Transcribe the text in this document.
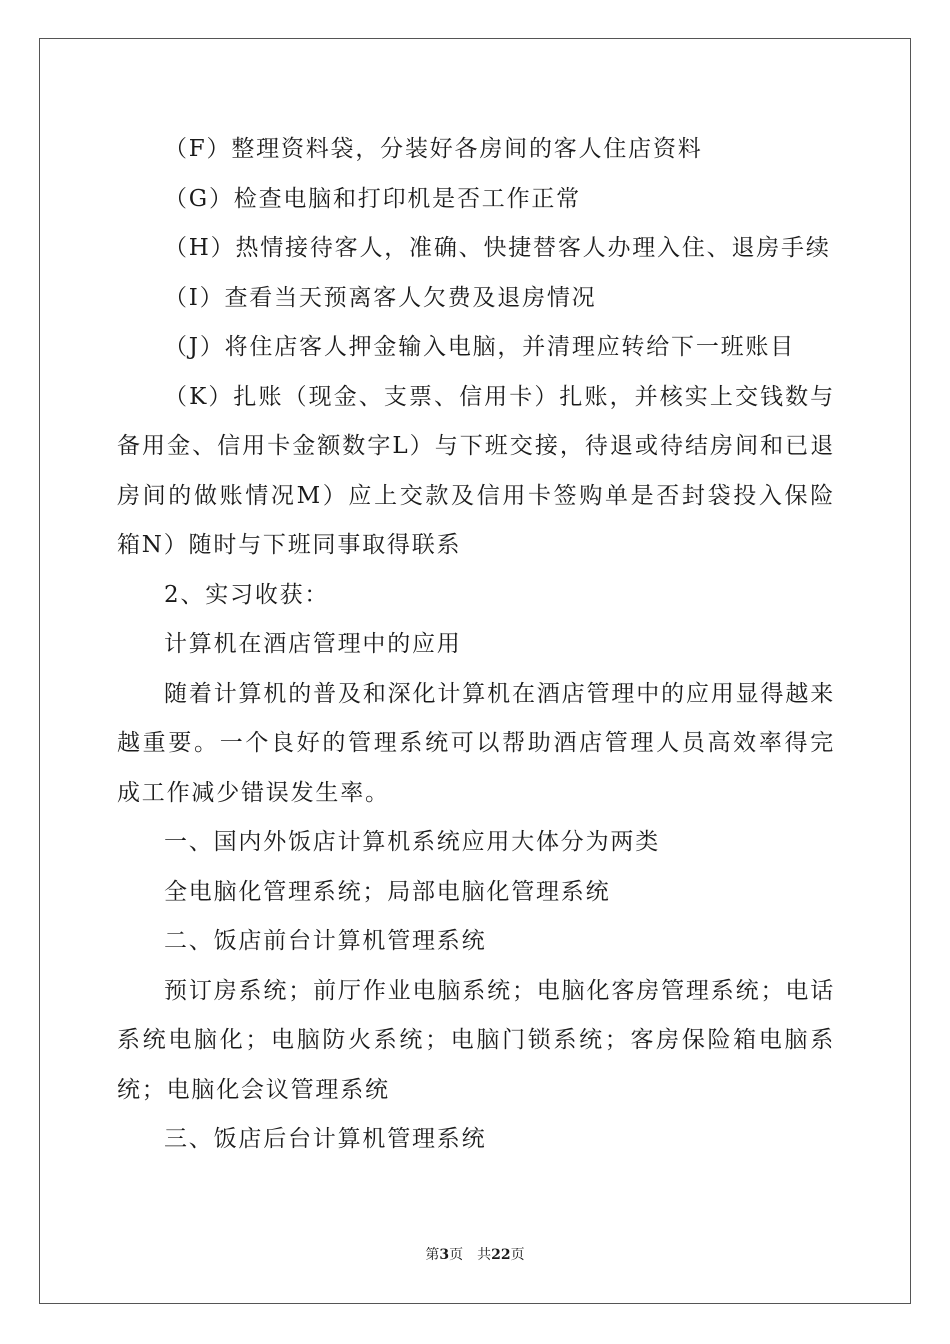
（F）整理资料袋，分装好各房间的客人住店资料

（G）检查电脑和打印机是否工作正常

（H）热情接待客人，准确、快捷替客人办理入住、退房手续

（I）查看当天预离客人欠费及退房情况

（J）将住店客人押金输入电脑，并清理应转给下一班账目

（K）扎账（现金、支票、信用卡）扎账，并核实上交钱数与备用金、信用卡金额数字L）与下班交接，待退或待结房间和已退房间的做账情况M）应上交款及信用卡签购单是否封袋投入保险箱N）随时与下班同事取得联系

2、实习收获：

计算机在酒店管理中的应用

随着计算机的普及和深化计算机在酒店管理中的应用显得越来越重要。一个良好的管理系统可以帮助酒店管理人员高效率得完成工作减少错误发生率。

一、国内外饭店计算机系统应用大体分为两类

全电脑化管理系统；局部电脑化管理系统

二、饭店前台计算机管理系统

预订房系统；前厅作业电脑系统；电脑化客房管理系统；电话系统电脑化；电脑防火系统；电脑门锁系统；客房保险箱电脑系统；电脑化会议管理系统

三、饭店后台计算机管理系统

第3页 共22页
